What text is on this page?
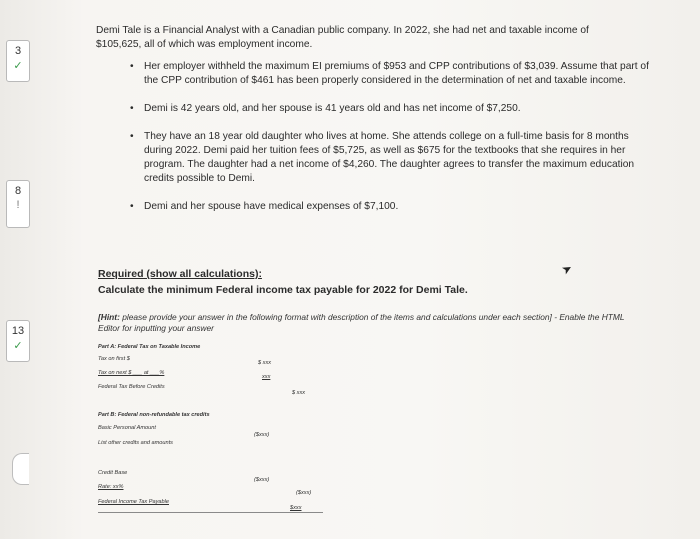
3
✓
8
!
13
✓
Demi Tale is a Financial Analyst with a Canadian public company. In 2022, she had net and taxable income of $105,625, all of which was employment income.
• Her employer withheld the maximum EI premiums of $953 and CPP contributions of $3,039. Assume that part of the CPP contribution of $461 has been properly considered in the determination of net and taxable income.
• Demi is 42 years old, and her spouse is 41 years old and has net income of $7,250.
• They have an 18 year old daughter who lives at home. She attends college on a full-time basis for 8 months during 2022. Demi paid her tuition fees of $5,725, as well as $675 for the textbooks that she requires in her program. The daughter had a net income of $4,260. The daughter agrees to transfer the maximum education credits possible to Demi.
• Demi and her spouse have medical expenses of $7,100.
➤
Required (show all calculations):
Calculate the minimum Federal income tax payable for 2022 for Demi Tale.
[Hint: please provide your answer in the following format with description of the items and calculations under each section] - Enable the HTML Editor for inputting your answer
Part A: Federal Tax on Taxable Income
Tax on first $
$ xxx
Tax on next $ ___ at ___%
xxx
Federal Tax Before Credits
$ xxx
Part B: Federal non-refundable tax credits
Basic Personal Amount
($xxx)
List other credits and amounts
Credit Base
($xxx)
Rate: xx%
($xxx)
Federal Income Tax Payable
$xxx
